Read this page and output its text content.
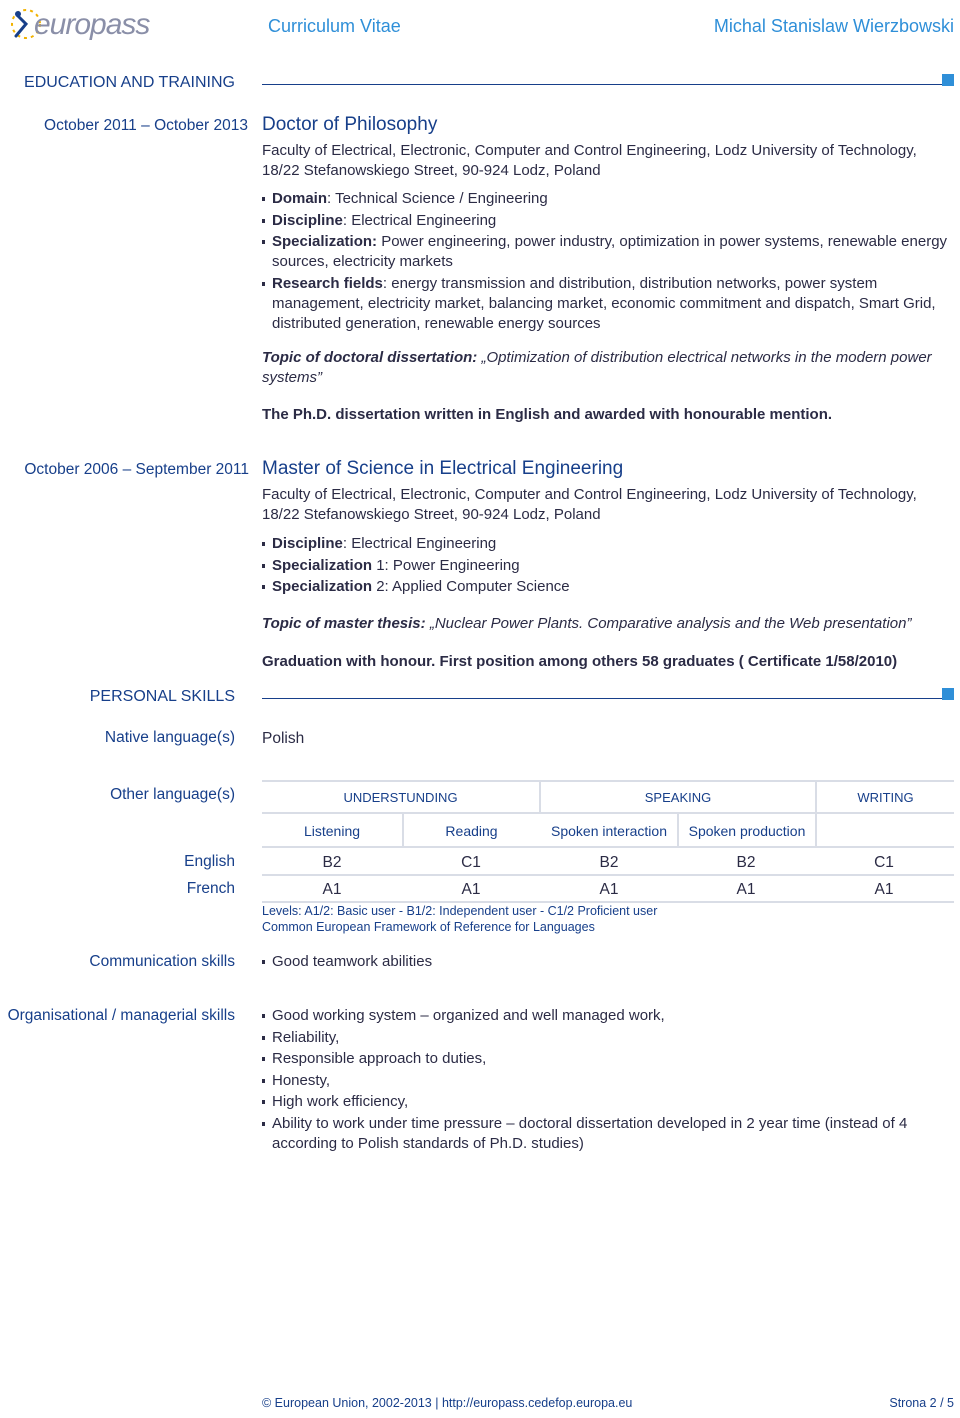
europass	Curriculum Vitae	Michal Stanislaw Wierzbowski
EDUCATION AND TRAINING
October 2011 – October 2013 Doctor of Philosophy
Faculty of Electrical, Electronic, Computer and Control Engineering, Lodz University of Technology,
18/22 Stefanowskiego Street, 90-924 Lodz, Poland
Domain: Technical Science / Engineering
Discipline: Electrical Engineering
Specialization: Power engineering, power industry, optimization in power systems, renewable energy sources, electricity markets
Research fields: energy transmission and distribution, distribution networks, power system management, electricity market, balancing market, economic commitment and dispatch, Smart Grid, distributed generation, renewable energy sources
Topic of doctoral dissertation: „Optimization of distribution electrical networks in the modern power systems”
The Ph.D. dissertation written in English and awarded with honourable mention.
October 2006 – September 2011 Master of Science in Electrical Engineering
Faculty of Electrical, Electronic, Computer and Control Engineering, Lodz University of Technology,
18/22 Stefanowskiego Street, 90-924 Lodz, Poland
Discipline: Electrical Engineering
Specialization 1: Power Engineering
Specialization 2: Applied Computer Science
Topic of master thesis: „Nuclear Power Plants. Comparative analysis and the Web presentation”
Graduation with honour. First position among others 58 graduates ( Certificate 1/58/2010)
PERSONAL SKILLS
Native language(s) Polish
Other language(s)	UNDERSTUNDING	SPEAKING	WRITING
Listening	Reading	Spoken interaction	Spoken production
English	B2	C1	B2	B2	C1
French	A1	A1	A1	A1	A1
Levels: A1/2: Basic user - B1/2: Independent user - C1/2 Proficient user
Common European Framework of Reference for Languages
Communication skills	Good teamwork abilities
Organisational / managerial skills	Good working system – organized and well managed work,
Reliability,
Responsible approach to duties,
Honesty,
High work efficiency,
Ability to work under time pressure – doctoral dissertation developed in 2 year time (instead of 4 according to Polish standards of Ph.D. studies)
© European Union, 2002-2013 | http://europass.cedefop.europa.eu	Strona 2 / 5
